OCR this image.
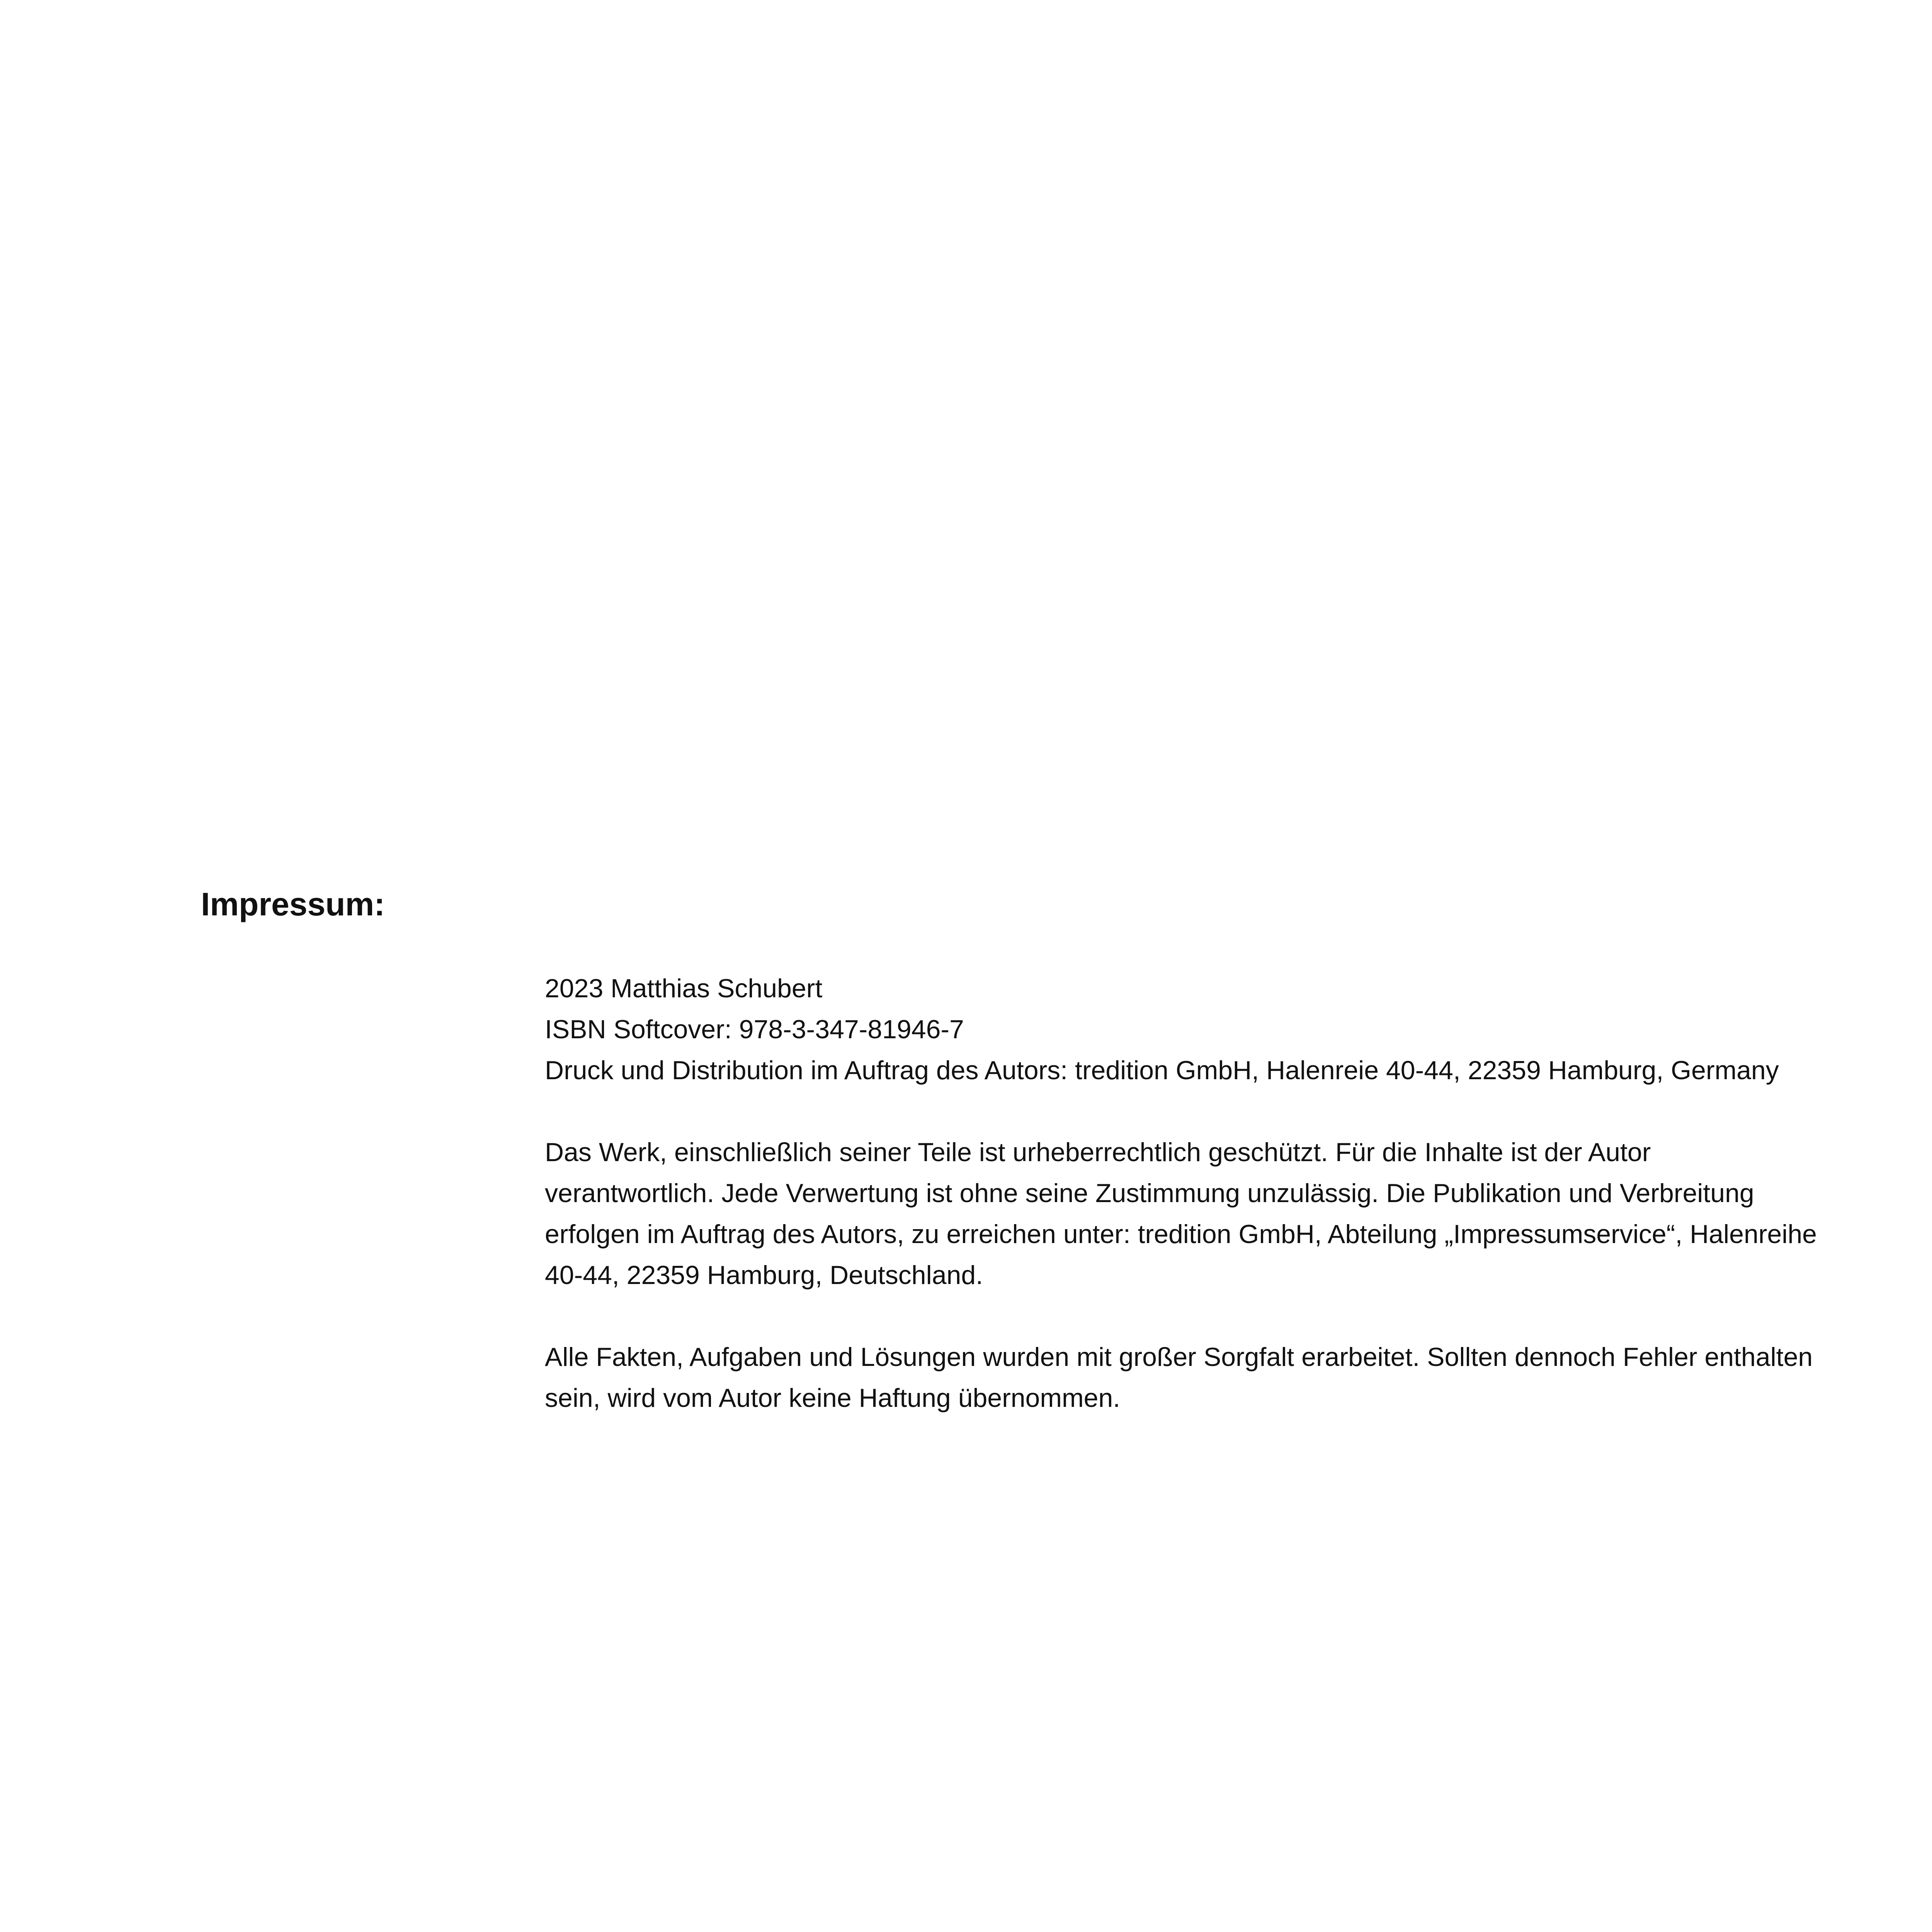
Impressum:

2023 Matthias Schubert

ISBN Softcover: 978-3-347-81946-7

Druck und Distribution im Auftrag des Autors: tredition GmbH, Halenreie 40-44, 22359 Hamburg, Germany

Das Werk, einschließlich seiner Teile ist urheberrechtlich geschützt. Für die Inhalte ist der Autor verantwortlich. Jede Verwertung ist ohne seine Zustimmung unzulässig. Die Publikation und Verbreitung erfolgen im Auftrag des Autors, zu erreichen unter: tredition GmbH, Abteilung „Impressumservice“, Halenreihe 40-44, 22359 Hamburg, Deutschland.

Alle Fakten, Aufgaben und Lösungen wurden mit großer Sorgfalt erarbeitet. Sollten dennoch Fehler enthalten sein, wird vom Autor keine Haftung übernommen.
